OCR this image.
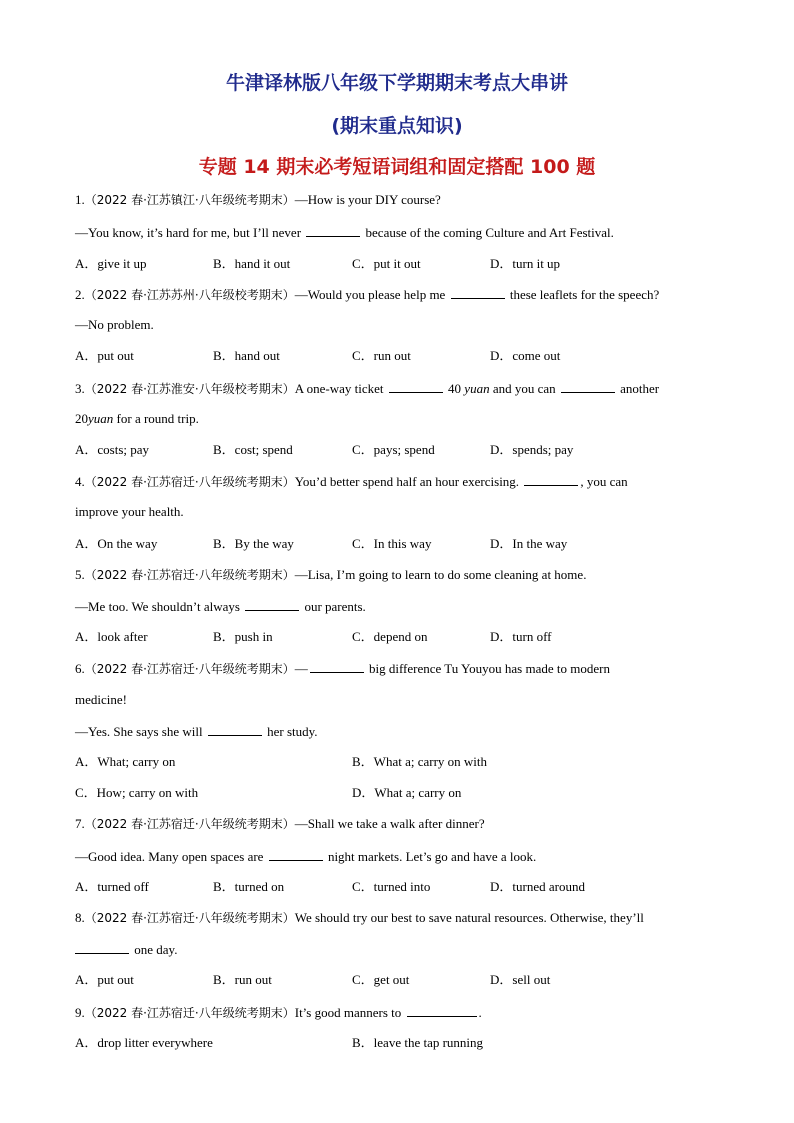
牛津译林版八年级下学期期末考点大串讲
(期末重点知识)
专题 14 期末必考短语词组和固定搭配 100 题
1.（2022 春·江苏镇江·八年级统考期末）—How is your DIY course?
—You know, it’s hard for me, but I’ll never	because of the coming Culture and Art Festival.
A．give it up	B．hand it out	C．put it out	D．turn it up
2.（2022 春·江苏苏州·八年级校考期末）—Would you please help me	these leaflets for the speech?
—No problem.
A．put out	B．hand out	C．run out	D．come out
3.（2022 春·江苏淮安·八年级校考期末）A one-way ticket	40 yuan and you can	another
20yuan for a round trip.
A．costs; pay	B．cost; spend	C．pays; spend	D．spends; pay
4.（2022 春·江苏宿迁·八年级统考期末）You’d better spend half an hour exercising.	, you can
improve your health.
A．On the way	B．By the way	C．In this way	D．In the way
5.（2022 春·江苏宿迁·八年级统考期末）—Lisa, I’m going to learn to do some cleaning at home.
—Me too. We shouldn’t always	our parents.
A．look after	B．push in	C．depend on	D．turn off
6.（2022 春·江苏宿迁·八年级统考期末）—	big difference Tu Youyou has made to modern
medicine!
—Yes. She says she will	her study.
A．What; carry on	B．What a; carry on with
C．How; carry on with	D．What a; carry on
7.（2022 春·江苏宿迁·八年级统考期末）—Shall we take a walk after dinner?
—Good idea. Many open spaces are	night markets. Let’s go and have a look.
A．turned off	B．turned on	C．turned into	D．turned around
8.（2022 春·江苏宿迁·八年级统考期末）We should try our best to save natural resources. Otherwise, they’ll
one day.
A．put out	B．run out	C．get out	D．sell out
9.（2022 春·江苏宿迁·八年级统考期末）It’s good manners to	.
A．drop litter everywhere	B．leave the tap running
